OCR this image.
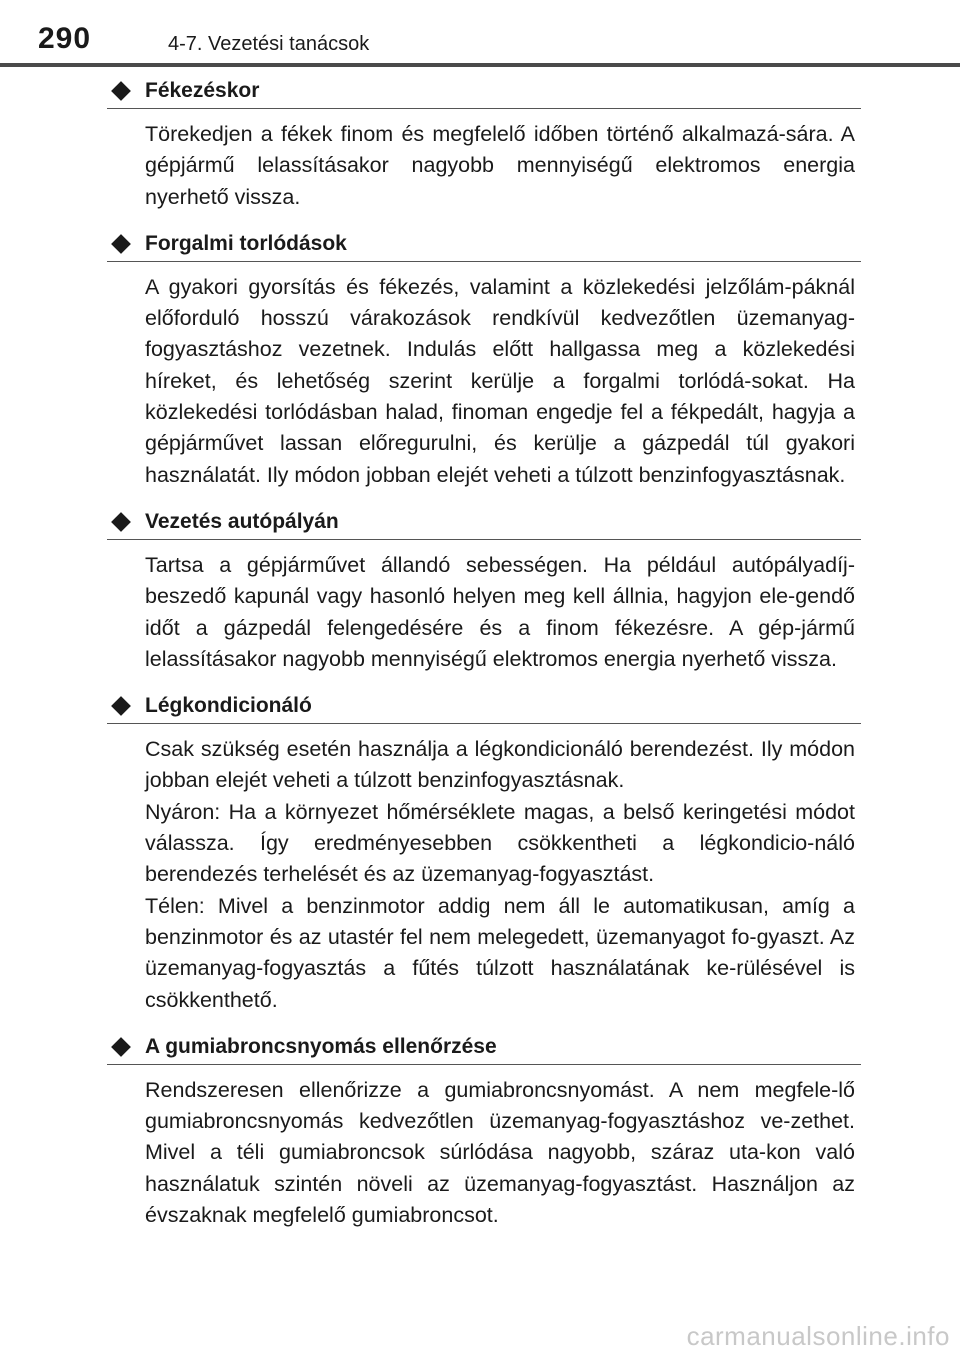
290	4-7. Vezetési tanácsok
Fékezéskor

Törekedjen a fékek finom és megfelelő időben történő alkalmazá-sára. A gépjármű lelassításakor nagyobb mennyiségű elektromos energia nyerhető vissza.

Forgalmi torlódások

A gyakori gyorsítás és fékezés, valamint a közlekedési jelzőlám-páknál előforduló hosszú várakozások rendkívül kedvezőtlen üzemanyag-fogyasztáshoz vezetnek. Indulás előtt hallgassa meg a közlekedési híreket, és lehetőség szerint kerülje a forgalmi torlódá-sokat. Ha közlekedési torlódásban halad, finoman engedje fel a fékpedált, hagyja a gépjárművet lassan előregurulni, és kerülje a gázpedál túl gyakori használatát. Ily módon jobban elejét veheti a túlzott benzinfogyasztásnak.

Vezetés autópályán

Tartsa a gépjárművet állandó sebességen. Ha például autópályadíj-beszedő kapunál vagy hasonló helyen meg kell állnia, hagyjon ele-gendő időt a gázpedál felengedésére és a finom fékezésre. A gép-jármű lelassításakor nagyobb mennyiségű elektromos energia nyerhető vissza.

Légkondicionáló

Csak szükség esetén használja a légkondicionáló berendezést. Ily módon jobban elejét veheti a túlzott benzinfogyasztásnak.

Nyáron: Ha a környezet hőmérséklete magas, a belső keringetési módot válassza. Így eredményesebben csökkentheti a légkondicio-náló berendezés terhelését és az üzemanyag-fogyasztást.

Télen: Mivel a benzinmotor addig nem áll le automatikusan, amíg a benzinmotor és az utastér fel nem melegedett, üzemanyagot fo-gyaszt. Az üzemanyag-fogyasztás a fűtés túlzott használatának ke-rülésével is csökkenthető.

A gumiabroncsnyomás ellenőrzése

Rendszeresen ellenőrizze a gumiabroncsnyomást. A nem megfele-lő gumiabroncsnyomás kedvezőtlen üzemanyag-fogyasztáshoz ve-zethet. Mivel a téli gumiabroncsok súrlódása nagyobb, száraz uta-kon való használatuk szintén növeli az üzemanyag-fogyasztást. Használjon az évszaknak megfelelő gumiabroncsot.

carmanualsonline.info
